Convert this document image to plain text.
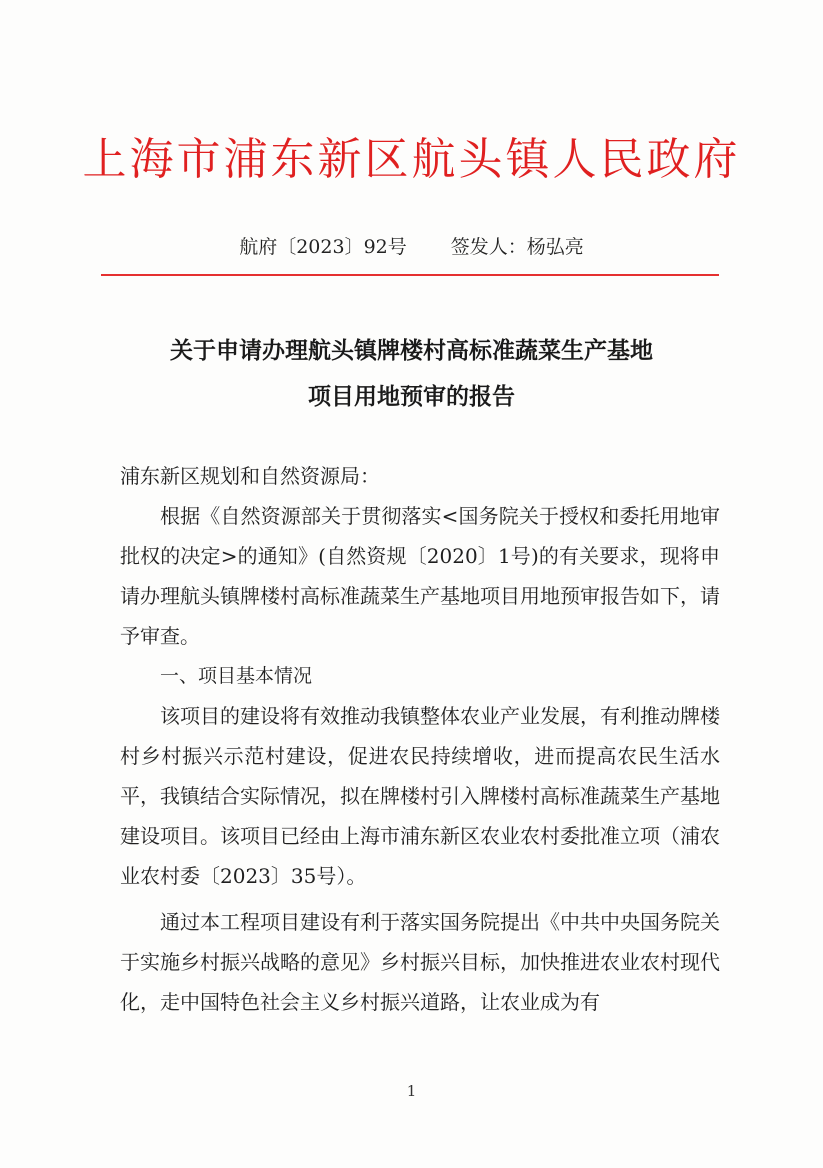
上海市浦东新区航头镇人民政府
航府〔2023〕92号 签发人：杨弘亮
关于申请办理航头镇牌楼村高标准蔬菜生产基地
项目用地预审的报告

浦东新区规划和自然资源局：

根据《自然资源部关于贯彻落实<国务院关于授权和委托用地审批权的决定>的通知》(自然资规〔2020〕1号)的有关要求，现将申请办理航头镇牌楼村高标准蔬菜生产基地项目用地预审报告如下，请予审查。

一、项目基本情况

该项目的建设将有效推动我镇整体农业产业发展，有利推动牌楼村乡村振兴示范村建设，促进农民持续增收，进而提高农民生活水平，我镇结合实际情况，拟在牌楼村引入牌楼村高标准蔬菜生产基地建设项目。该项目已经由上海市浦东新区农业农村委批准立项（浦农业农村委〔2023〕35号）。

通过本工程项目建设有利于落实国务院提出《中共中央国务院关于实施乡村振兴战略的意见》乡村振兴目标，加快推进农业农村现代化，走中国特色社会主义乡村振兴道路，让农业成为有

1
